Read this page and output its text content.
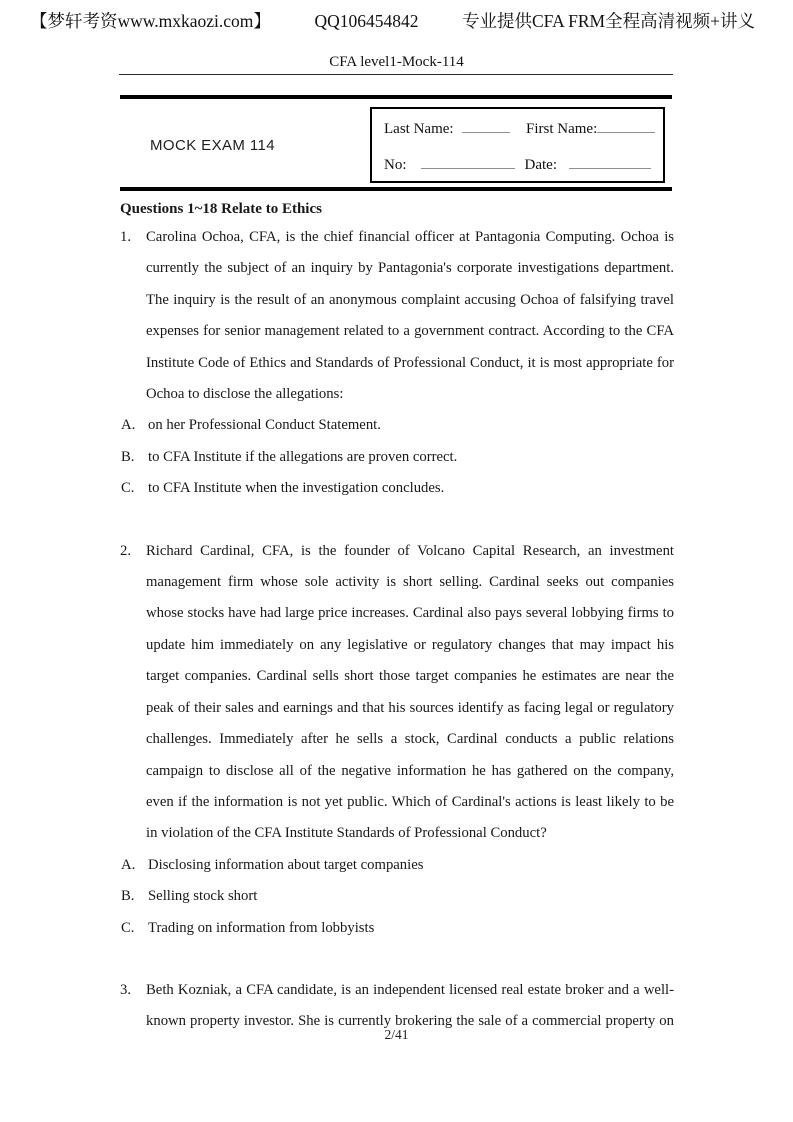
【梦轩考资www.mxkaozi.com】 QQ106454842 专业提供CFA FRM全程高清视频+讲义
CFA level1-Mock-114
MOCK EXAM 114
Last Name:	First Name:
No:	Date:
Questions 1~18 Relate to Ethics
1.	Carolina Ochoa, CFA, is the chief financial officer at Pantagonia Computing. Ochoa is currently the subject of an inquiry by Pantagonia's corporate investigations department. The inquiry is the result of an anonymous complaint accusing Ochoa of falsifying travel expenses for senior management related to a government contract. According to the CFA Institute Code of Ethics and Standards of Professional Conduct, it is most appropriate for Ochoa to disclose the allegations:
A. on her Professional Conduct Statement.
B. to CFA Institute if the allegations are proven correct.
C. to CFA Institute when the investigation concludes.
2.	Richard Cardinal, CFA, is the founder of Volcano Capital Research, an investment management firm whose sole activity is short selling. Cardinal seeks out companies whose stocks have had large price increases. Cardinal also pays several lobbying firms to update him immediately on any legislative or regulatory changes that may impact his target companies. Cardinal sells short those target companies he estimates are near the peak of their sales and earnings and that his sources identify as facing legal or regulatory challenges. Immediately after he sells a stock, Cardinal conducts a public relations campaign to disclose all of the negative information he has gathered on the company, even if the information is not yet public. Which of Cardinal's actions is least likely to be in violation of the CFA Institute Standards of Professional Conduct?
A. Disclosing information about target companies
B. Selling stock short
C. Trading on information from lobbyists
3.	Beth Kozniak, a CFA candidate, is an independent licensed real estate broker and a well-known property investor. She is currently brokering the sale of a commercial property on
2/41
